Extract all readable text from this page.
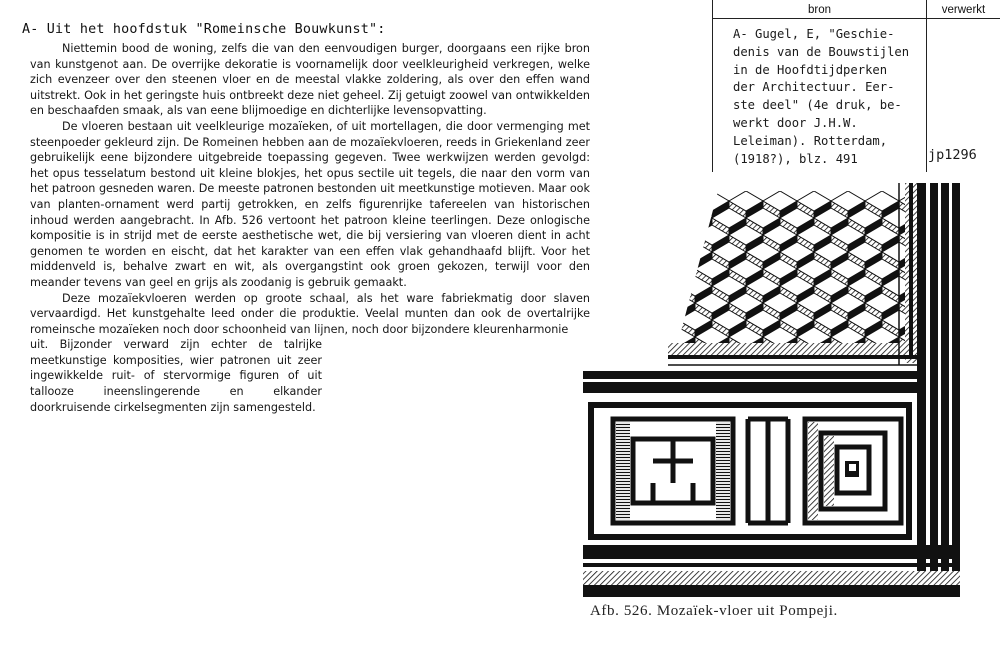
A- Uit het hoofdstuk "Romeinsche Bouwkunst":

Niettemin bood de woning, zelfs die van den eenvoudigen burger, doorgaans een rijke bron van kunstgenot aan. De overrijke dekoratie is voornamelijk door veelkleurigheid verkregen, welke zich evenzeer over den steenen vloer en de meestal vlakke zoldering, als over den effen wand uitstrekt. Ook in het geringste huis ontbreekt deze niet geheel. Zij getuigt zoowel van ontwikkelden en beschaafden smaak, als van eene blijmoedige en dichterlijke levensopvatting.

De vloeren bestaan uit veelkleurige mozaïeken, of uit mortellagen, die door vermenging met steenpoeder gekleurd zijn. De Romeinen hebben aan de mozaïekvloeren, reeds in Griekenland zeer gebruikelijk eene bijzondere uitgebreide toepassing gegeven. Twee werkwijzen werden gevolgd: het opus tesselatum bestond uit kleine blokjes, het opus sectile uit tegels, die naar den vorm van het patroon gesneden waren. De meeste patronen bestonden uit meetkunstige motieven. Maar ook van planten-ornament werd partij getrokken, en zelfs figurenrijke tafereelen van historischen inhoud werden aangebracht. In Afb. 526 vertoont het patroon kleine teerlingen. Deze onlogische kompositie is in strijd met de eerste aesthetische wet, die bij versiering van vloeren dient in acht genomen te worden en eischt, dat het karakter van een effen vlak gehandhaafd blijft. Voor het middenveld is, behalve zwart en wit, als overgangstint ook groen gekozen, terwijl voor den meander tevens van geel en grijs als zoodanig is gebruik gemaakt.

Deze mozaïekvloeren werden op groote schaal, als het ware fabriekmatig door slaven vervaardigd. Het kunstgehalte leed onder die produktie. Veelal munten dan ook de overtalrijke romeinsche mozaïeken noch door schoonheid van lijnen, noch door bijzondere kleurenharmonie

uit. Bijzonder verward zijn echter de talrijke meetkunstige komposities, wier patronen uit zeer ingewikkelde ruit- of stervormige figuren of uit tallooze ineenslingerende en elkander doorkruisende cirkelsegmenten zijn samengesteld.

bron	verwerkt
A- Gugel, E, "Geschie-
denis van de Bouwstijlen
in de Hoofdtijdperken
der Architectuur. Eer-
ste deel" (4e druk, be-
werkt door J.H.W.
Leleiman). Rotterdam,
(1918?), blz. 491	jp1296
Afb. 526. Mozaïek-vloer uit Pompeji.
